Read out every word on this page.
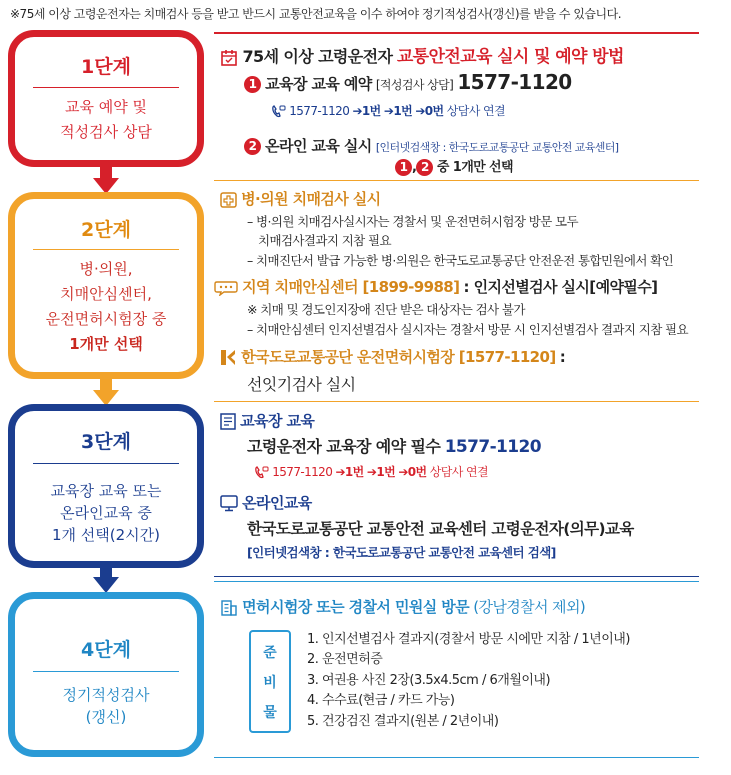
※75세 이상 고령운전자는 치매검사 등을 받고 반드시 교통안전교육을 이수 하여야 정기적성검사(갱신)를 받을 수 있습니다.
1단계
교육 예약 및
적성검사 상담
2단계
병·의원,
치매안심센터,
운전면허시험장 중
1개만 선택
3단계
교육장 교육 또는
온라인교육 중
1개 선택(2시간)
4단계
정기적성검사
(갱신)
75세 이상 고령운전자 교통안전교육 실시 및 예약 방법
1 교육장 교육 예약 [적성검사 상담] 1577-1120
1577-1120 ➔1번 ➔1번 ➔0번 상담사 연결
2 온라인 교육 실시 [인터넷검색창 : 한국도로교통공단 교통안전 교육센터]
1 , 2 중 1개만 선택
병·의원 치매검사 실시
– 병·의원 치매검사실시자는 경찰서 및 운전면허시험장 방문 모두
치매검사결과지 지참 필요
– 치매진단서 발급 가능한 병·의원은 한국도로교통공단 안전운전 통합민원에서 확인
지역 치매안심센터 [1899-9988] : 인지선별검사 실시[예약필수]
※ 치매 및 경도인지장애 진단 받은 대상자는 검사 불가
– 치매안심센터 인지선별검사 실시자는 경찰서 방문 시 인지선별검사 결과지 지참 필요
한국도로교통공단 운전면허시험장 [1577-1120] :
선잇기검사 실시
교육장 교육
고령운전자 교육장 예약 필수 1577-1120
1577-1120 ➔1번 ➔1번 ➔0번 상담사 연결
온라인교육
한국도로교통공단 교통안전 교육센터 고령운전자(의무)교육
[인터넷검색창 : 한국도로교통공단 교통안전 교육센터 검색]
면허시험장 또는 경찰서 민원실 방문 (강남경찰서 제외)
준
비
물
1. 인지선별검사 결과지(경찰서 방문 시에만 지참 / 1년이내)
2. 운전면허증
3. 여권용 사진 2장(3.5x4.5cm / 6개월이내)
4. 수수료(현금 / 카드 가능)
5. 건강검진 결과지(원본 / 2년이내)
